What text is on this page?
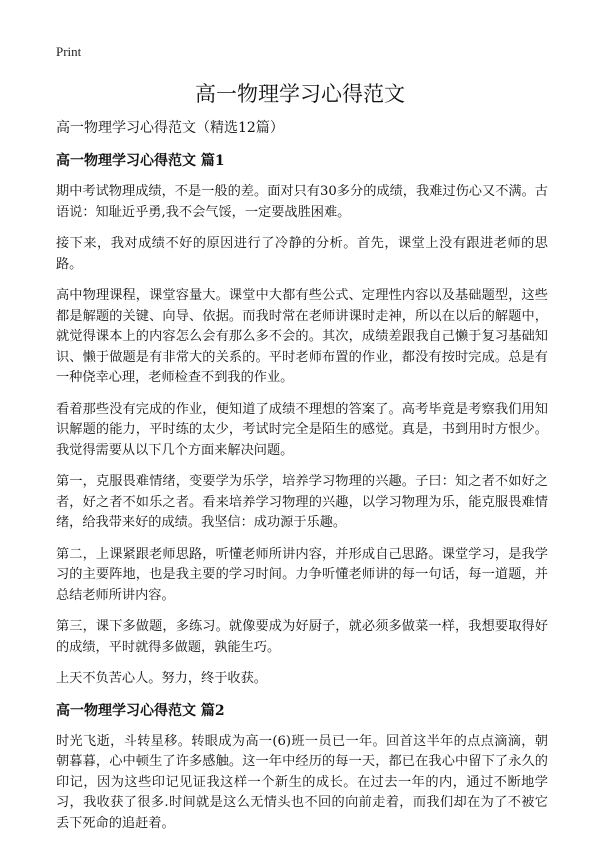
Print
高一物理学习心得范文

高一物理学习心得范文（精选12篇）

高一物理学习心得范文 篇1

期中考试物理成绩，不是一般的差。面对只有30多分的成绩，我难过伤心又不满。古语说：知耻近乎勇,我不会气馁，一定要战胜困难。

接下来，我对成绩不好的原因进行了冷静的分析。首先，课堂上没有跟进老师的思路。

高中物理课程，课堂容量大。课堂中大都有些公式、定理性内容以及基础题型，这些都是解题的关键、向导、依据。而我时常在老师讲课时走神，所以在以后的解题中，就觉得课本上的内容怎么会有那么多不会的。其次，成绩差跟我自己懒于复习基础知识、懒于做题是有非常大的关系的。平时老师布置的作业，都没有按时完成。总是有一种侥幸心理，老师检查不到我的作业。

看着那些没有完成的作业，便知道了成绩不理想的答案了。高考毕竟是考察我们用知识解题的能力，平时练的太少，考试时完全是陌生的感觉。真是，书到用时方恨少。 我觉得需要从以下几个方面来解决问题。

第一，克服畏难情绪，变要学为乐学，培养学习物理的兴趣。子曰：知之者不如好之者，好之者不如乐之者。看来培养学习物理的兴趣，以学习物理为乐，能克服畏难情绪，给我带来好的成绩。我坚信：成功源于乐趣。

第二，上课紧跟老师思路，听懂老师所讲内容，并形成自己思路。课堂学习，是我学习的主要阵地，也是我主要的学习时间。力争听懂老师讲的每一句话，每一道题，并总结老师所讲内容。

第三，课下多做题，多练习。就像要成为好厨子，就必须多做菜一样，我想要取得好的成绩，平时就得多做题，孰能生巧。

上天不负苦心人。努力，终于收获。

高一物理学习心得范文 篇2

时光飞逝，斗转星移。转眼成为高一(6)班一员已一年。回首这半年的点点滴滴，朝朝暮暮，心中顿生了许多感触。这一年中经历的每一天，都已在我心中留下了永久的印记，因为这些印记见证我这样一个新生的成长。在过去一年的内，通过不断地学习，我收获了很多.时间就是这么无情头也不回的向前走着，而我们却在为了不被它丢下死命的追赶着。
